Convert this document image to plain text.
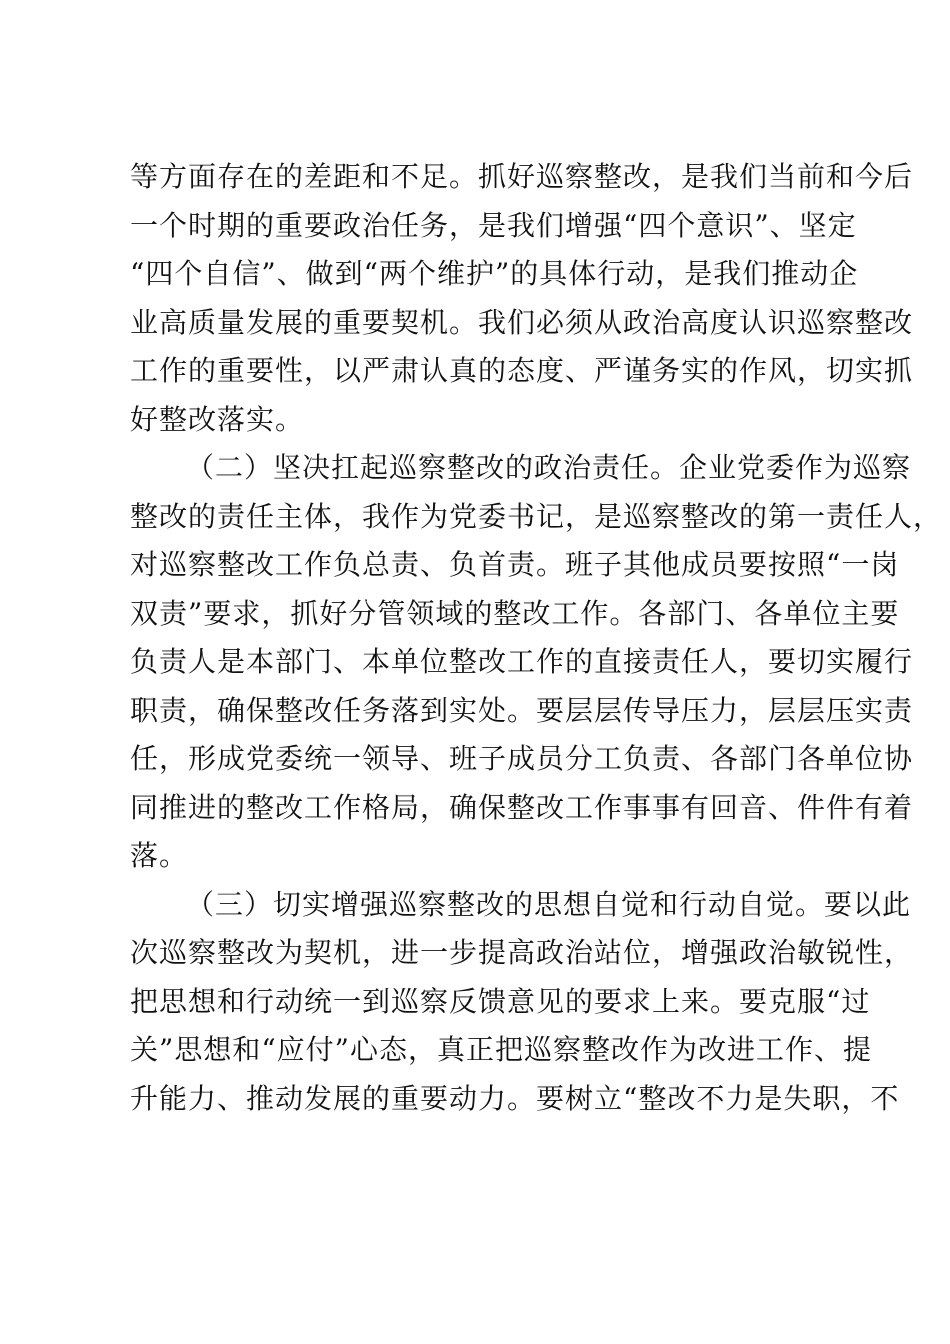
等方面存在的差距和不足。抓好巡察整改，是我们当前和今后
一个时期的重要政治任务，是我们增强“四个意识”、坚定
“四个自信”、做到“两个维护”的具体行动，是我们推动企
业高质量发展的重要契机。我们必须从政治高度认识巡察整改
工作的重要性，以严肃认真的态度、严谨务实的作风，切实抓
好整改落实。
（二）坚决扛起巡察整改的政治责任。企业党委作为巡察
整改的责任主体，我作为党委书记，是巡察整改的第一责任人，
对巡察整改工作负总责、负首责。班子其他成员要按照“一岗
双责”要求，抓好分管领域的整改工作。各部门、各单位主要
负责人是本部门、本单位整改工作的直接责任人，要切实履行
职责，确保整改任务落到实处。要层层传导压力，层层压实责
任，形成党委统一领导、班子成员分工负责、各部门各单位协
同推进的整改工作格局，确保整改工作事事有回音、件件有着
落。
（三）切实增强巡察整改的思想自觉和行动自觉。要以此
次巡察整改为契机，进一步提高政治站位，增强政治敏锐性，
把思想和行动统一到巡察反馈意见的要求上来。要克服“过
关”思想和“应付”心态，真正把巡察整改作为改进工作、提
升能力、推动发展的重要动力。要树立“整改不力是失职，不
